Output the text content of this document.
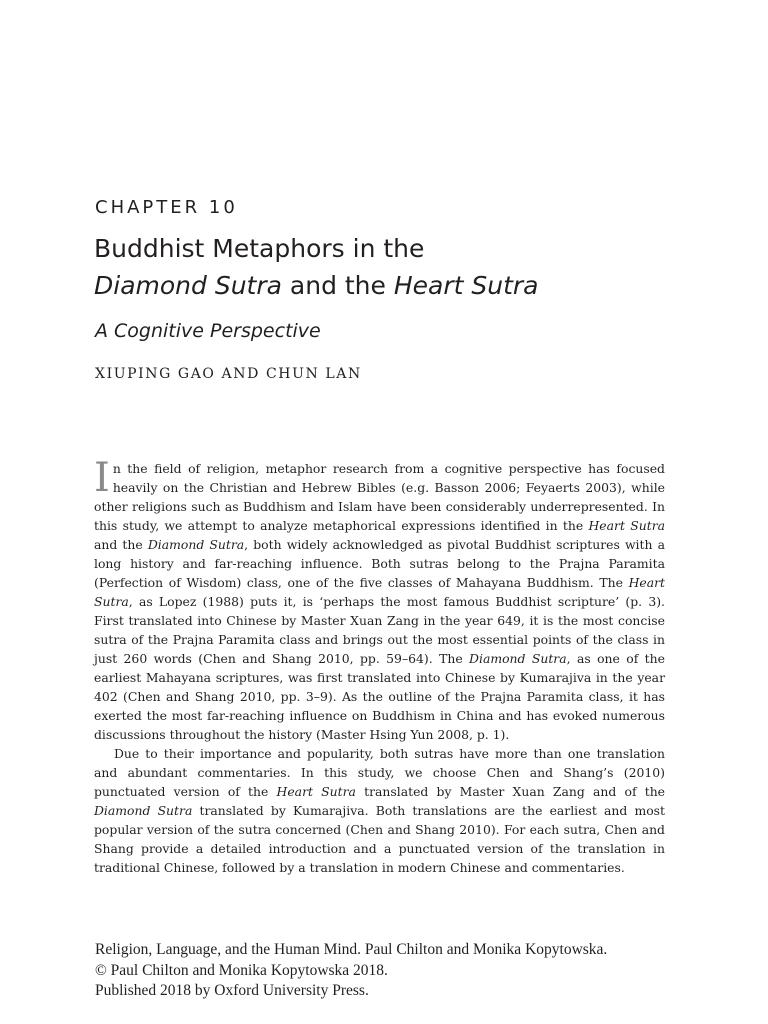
CHAPTER 10
Buddhist Metaphors in the
Diamond Sutra and the Heart Sutra
A Cognitive Perspective
XIUPING GAO AND CHUN LAN

In the field of religion, metaphor research from a cognitive perspective has focused heavily on the Christian and Hebrew Bibles (e.g. Basson 2006; Feyaerts 2003), while other religions such as Buddhism and Islam have been considerably underrepresented. In this study, we attempt to analyze metaphorical expressions identified in the Heart Sutra and the Diamond Sutra, both widely acknowledged as pivotal Buddhist scriptures with a long history and far-reaching influence. Both sutras belong to the Prajna Paramita (Perfection of Wisdom) class, one of the five classes of Mahayana Buddhism. The Heart Sutra, as Lopez (1988) puts it, is ‘perhaps the most famous Buddhist scripture’ (p. 3). First translated into Chinese by Master Xuan Zang in the year 649, it is the most concise sutra of the Prajna Paramita class and brings out the most essential points of the class in just 260 words (Chen and Shang 2010, pp. 59–64). The Diamond Sutra, as one of the earliest Mahayana scriptures, was first translated into Chinese by Kumarajiva in the year 402 (Chen and Shang 2010, pp. 3–9). As the outline of the Prajna Paramita class, it has exerted the most far-reaching influence on Buddhism in China and has evoked numerous discussions throughout the history (Master Hsing Yun 2008, p. 1).

Due to their importance and popularity, both sutras have more than one translation and abundant commentaries. In this study, we choose Chen and Shang’s (2010) punctuated version of the Heart Sutra translated by Master Xuan Zang and of the Diamond Sutra translated by Kumarajiva. Both translations are the earliest and most popular version of the sutra concerned (Chen and Shang 2010). For each sutra, Chen and Shang provide a detailed introduction and a punctuated version of the translation in traditional Chinese, followed by a translation in modern Chinese and commentaries.

Religion, Language, and the Human Mind. Paul Chilton and Monika Kopytowska.
© Paul Chilton and Monika Kopytowska 2018.
Published 2018 by Oxford University Press.
